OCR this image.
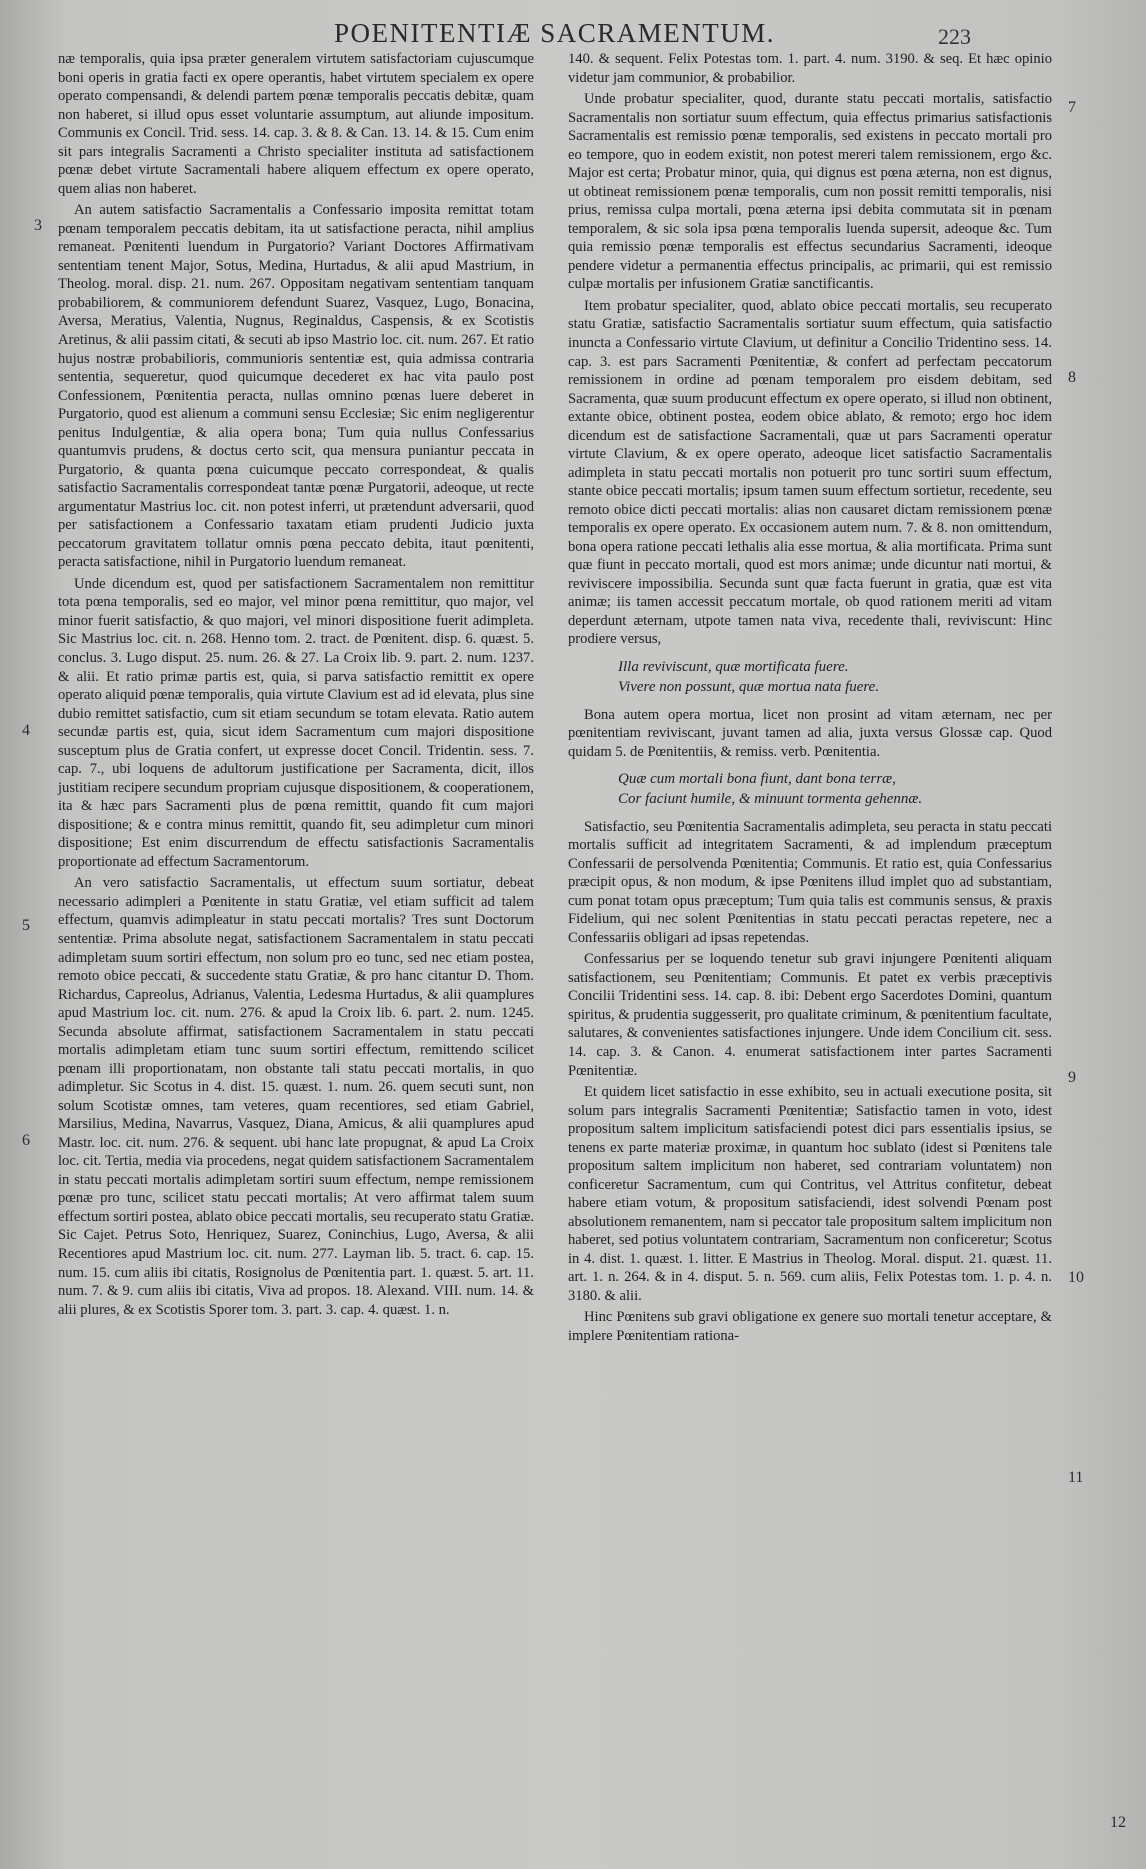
POENITENTIÆ SACRAMENTUM.	223
3
4
5
6
7
8
9
10
11
12

næ temporalis, quia ipsa præter generalem virtutem satisfactoriam cujuscumque boni operis in gratia facti ex opere operantis, habet virtutem specialem ex opere operato compensandi, & delendi partem pœnæ temporalis peccatis debitæ, quam non haberet, si illud opus esset voluntarie assumptum, aut aliunde impositum. Communis ex Concil. Trid. sess. 14. cap. 3. & 8. & Can. 13. 14. & 15. Cum enim sit pars integralis Sacramenti a Christo specialiter instituta ad satisfactionem pœnæ debet virtute Sacramentali habere aliquem effectum ex opere operato, quem alias non haberet.

An autem satisfactio Sacramentalis a Confessario imposita remittat totam pœnam temporalem peccatis debitam, ita ut satisfactione peracta, nihil amplius remaneat. Pœnitenti luendum in Purgatorio? Variant Doctores Affirmativam sententiam tenent Major, Sotus, Medina, Hurtadus, & alii apud Mastrium, in Theolog. moral. disp. 21. num. 267. Oppositam negativam sententiam tanquam probabiliorem, & communiorem defendunt Suarez, Vasquez, Lugo, Bonacina, Aversa, Meratius, Valentia, Nugnus, Reginaldus, Caspensis, & ex Scotistis Aretinus, & alii passim citati, & secuti ab ipso Mastrio loc. cit. num. 267. Et ratio hujus nostræ probabilioris, communioris sententiæ est, quia admissa contraria sententia, sequeretur, quod quicumque decederet ex hac vita paulo post Confessionem, Pœnitentia peracta, nullas omnino pœnas luere deberet in Purgatorio, quod est alienum a communi sensu Ecclesiæ; Sic enim negligerentur penitus Indulgentiæ, & alia opera bona; Tum quia nullus Confessarius quantumvis prudens, & doctus certo scit, qua mensura puniantur peccata in Purgatorio, & quanta pœna cuicumque peccato correspondeat, & qualis satisfactio Sacramentalis correspondeat tantæ pœnæ Purgatorii, adeoque, ut recte argumentatur Mastrius loc. cit. non potest inferri, ut prætendunt adversarii, quod per satisfactionem a Confessario taxatam etiam prudenti Judicio juxta peccatorum gravitatem tollatur omnis pœna peccato debita, itaut pœnitenti, peracta satisfactione, nihil in Purgatorio luendum remaneat.

Unde dicendum est, quod per satisfactionem Sacramentalem non remittitur tota pœna temporalis, sed eo major, vel minor pœna remittitur, quo major, vel minor fuerit satisfactio, & quo majori, vel minori dispositione fuerit adimpleta. Sic Mastrius loc. cit. n. 268. Henno tom. 2. tract. de Pœnitent. disp. 6. quæst. 5. conclus. 3. Lugo disput. 25. num. 26. & 27. La Croix lib. 9. part. 2. num. 1237. & alii. Et ratio primæ partis est, quia, si parva satisfactio remittit ex opere operato aliquid pœnæ temporalis, quia virtute Clavium est ad id elevata, plus sine dubio remittet satisfactio, cum sit etiam secundum se totam elevata. Ratio autem secundæ partis est, quia, sicut idem Sacramentum cum majori dispositione susceptum plus de Gratia confert, ut expresse docet Concil. Tridentin. sess. 7. cap. 7., ubi loquens de adultorum justificatione per Sacramenta, dicit, illos justitiam recipere secundum propriam cujusque dispositionem, & cooperationem, ita & hæc pars Sacramenti plus de pœna remittit, quando fit cum majori dispositione; & e contra minus remittit, quando fit, seu adimpletur cum minori dispositione; Est enim discurrendum de effectu satisfactionis Sacramentalis proportionate ad effectum Sacramentorum.

An vero satisfactio Sacramentalis, ut effectum suum sortiatur, debeat necessario adimpleri a Pœnitente in statu Gratiæ, vel etiam sufficit ad talem effectum, quamvis adimpleatur in statu peccati mortalis? Tres sunt Doctorum sententiæ. Prima absolute negat, satisfactionem Sacramentalem in statu peccati adimpletam suum sortiri effectum, non solum pro eo tunc, sed nec etiam postea, remoto obice peccati, & succedente statu Gratiæ, & pro hanc citantur D. Thom. Richardus, Capreolus, Adrianus, Valentia, Ledesma Hurtadus, & alii quamplures apud Mastrium loc. cit. num. 276. & apud la Croix lib. 6. part. 2. num. 1245. Secunda absolute affirmat, satisfactionem Sacramentalem in statu peccati mortalis adimpletam etiam tunc suum sortiri effectum, remittendo scilicet pœnam illi proportionatam, non obstante tali statu peccati mortalis, in quo adimpletur. Sic Scotus in 4. dist. 15. quæst. 1. num. 26. quem secuti sunt, non solum Scotistæ omnes, tam veteres, quam recentiores, sed etiam Gabriel, Marsilius, Medina, Navarrus, Vasquez, Diana, Amicus, & alii quamplures apud Mastr. loc. cit. num. 276. & sequent. ubi hanc late propugnat, & apud La Croix loc. cit. Tertia, media via procedens, negat quidem satisfactionem Sacramentalem in statu peccati mortalis adimpletam sortiri suum effectum, nempe remissionem pœnæ pro tunc, scilicet statu peccati mortalis; At vero affirmat talem suum effectum sortiri postea, ablato obice peccati mortalis, seu recuperato statu Gratiæ. Sic Cajet. Petrus Soto, Henriquez, Suarez, Coninchius, Lugo, Aversa, & alii Recentiores apud Mastrium loc. cit. num. 277. Layman lib. 5. tract. 6. cap. 15. num. 15. cum aliis ibi citatis, Rosignolus de Pœnitentia part. 1. quæst. 5. art. 11. num. 7. & 9. cum aliis ibi citatis, Viva ad propos. 18. Alexand. VIII. num. 14. & alii plures, & ex Scotistis Sporer tom. 3. part. 3. cap. 4. quæst. 1. n.

140. & sequent. Felix Potestas tom. 1. part. 4. num. 3190. & seq. Et hæc opinio videtur jam communior, & probabilior.

Unde probatur specialiter, quod, durante statu peccati mortalis, satisfactio Sacramentalis non sortiatur suum effectum, quia effectus primarius satisfactionis Sacramentalis est remissio pœnæ temporalis, sed existens in peccato mortali pro eo tempore, quo in eodem existit, non potest mereri talem remissionem, ergo &c. Major est certa; Probatur minor, quia, qui dignus est pœna æterna, non est dignus, ut obtineat remissionem pœnæ temporalis, cum non possit remitti temporalis, nisi prius, remissa culpa mortali, pœna æterna ipsi debita commutata sit in pœnam temporalem, & sic sola ipsa pœna temporalis luenda supersit, adeoque &c. Tum quia remissio pœnæ temporalis est effectus secundarius Sacramenti, ideoque pendere videtur a permanentia effectus principalis, ac primarii, qui est remissio culpæ mortalis per infusionem Gratiæ sanctificantis.

Item probatur specialiter, quod, ablato obice peccati mortalis, seu recuperato statu Gratiæ, satisfactio Sacramentalis sortiatur suum effectum, quia satisfactio inuncta a Confessario virtute Clavium, ut definitur a Concilio Tridentino sess. 14. cap. 3. est pars Sacramenti Pœnitentiæ, & confert ad perfectam peccatorum remissionem in ordine ad pœnam temporalem pro eisdem debitam, sed Sacramenta, quæ suum producunt effectum ex opere operato, si illud non obtinent, extante obice, obtinent postea, eodem obice ablato, & remoto; ergo hoc idem dicendum est de satisfactione Sacramentali, quæ ut pars Sacramenti operatur virtute Clavium, & ex opere operato, adeoque licet satisfactio Sacramentalis adimpleta in statu peccati mortalis non potuerit pro tunc sortiri suum effectum, stante obice peccati mortalis; ipsum tamen suum effectum sortietur, recedente, seu remoto obice dicti peccati mortalis: alias non causaret dictam remissionem pœnæ temporalis ex opere operato. Ex occasionem autem num. 7. & 8. non omittendum, bona opera ratione peccati lethalis alia esse mortua, & alia mortificata. Prima sunt quæ fiunt in peccato mortali, quod est mors animæ; unde dicuntur nati mortui, & reviviscere impossibilia. Secunda sunt quæ facta fuerunt in gratia, quæ est vita animæ; iis tamen accessit peccatum mortale, ob quod rationem meriti ad vitam deperdunt æternam, utpote tamen nata viva, recedente thali, reviviscunt: Hinc prodiere versus,

Illa reviviscunt, quæ mortificata fuere.
Vivere non possunt, quæ mortua nata fuere.

Bona autem opera mortua, licet non prosint ad vitam æternam, nec per pœnitentiam reviviscant, juvant tamen ad alia, juxta versus Glossæ cap. Quod quidam 5. de Pœnitentiis, & remiss. verb. Pœnitentia.

Quæ cum mortali bona fiunt, dant bona terræ,
Cor faciunt humile, & minuunt tormenta gehennæ.

Satisfactio, seu Pœnitentia Sacramentalis adimpleta, seu peracta in statu peccati mortalis sufficit ad integritatem Sacramenti, & ad implendum præceptum Confessarii de persolvenda Pœnitentia; Communis. Et ratio est, quia Confessarius præcipit opus, & non modum, & ipse Pœnitens illud implet quo ad substantiam, cum ponat totam opus præceptum; Tum quia talis est communis sensus, & praxis Fidelium, qui nec solent Pœnitentias in statu peccati peractas repetere, nec a Confessariis obligari ad ipsas repetendas.

Confessarius per se loquendo tenetur sub gravi injungere Pœnitenti aliquam satisfactionem, seu Pœnitentiam; Communis. Et patet ex verbis præceptivis Concilii Tridentini sess. 14. cap. 8. ibi: Debent ergo Sacerdotes Domini, quantum spiritus, & prudentia suggesserit, pro qualitate criminum, & pœnitentium facultate, salutares, & convenientes satisfactiones injungere. Unde idem Concilium cit. sess. 14. cap. 3. & Canon. 4. enumerat satisfactionem inter partes Sacramenti Pœnitentiæ.

Et quidem licet satisfactio in esse exhibito, seu in actuali executione posita, sit solum pars integralis Sacramenti Pœnitentiæ; Satisfactio tamen in voto, idest propositum saltem implicitum satisfaciendi potest dici pars essentialis ipsius, se tenens ex parte materiæ proximæ, in quantum hoc sublato (idest si Pœnitens tale propositum saltem implicitum non haberet, sed contrariam voluntatem) non conficeretur Sacramentum, cum qui Contritus, vel Attritus confitetur, debeat habere etiam votum, & propositum satisfaciendi, idest solvendi Pœnam post absolutionem remanentem, nam si peccator tale propositum saltem implicitum non haberet, sed potius voluntatem contrariam, Sacramentum non conficeretur; Scotus in 4. dist. 1. quæst. 1. litter. E Mastrius in Theolog. Moral. disput. 21. quæst. 11. art. 1. n. 264. & in 4. disput. 5. n. 569. cum aliis, Felix Potestas tom. 1. p. 4. n. 3180. & alii.

Hinc Pœnitens sub gravi obligatione ex genere suo mortali tenetur acceptare, & implere Pœnitentiam rationa-
